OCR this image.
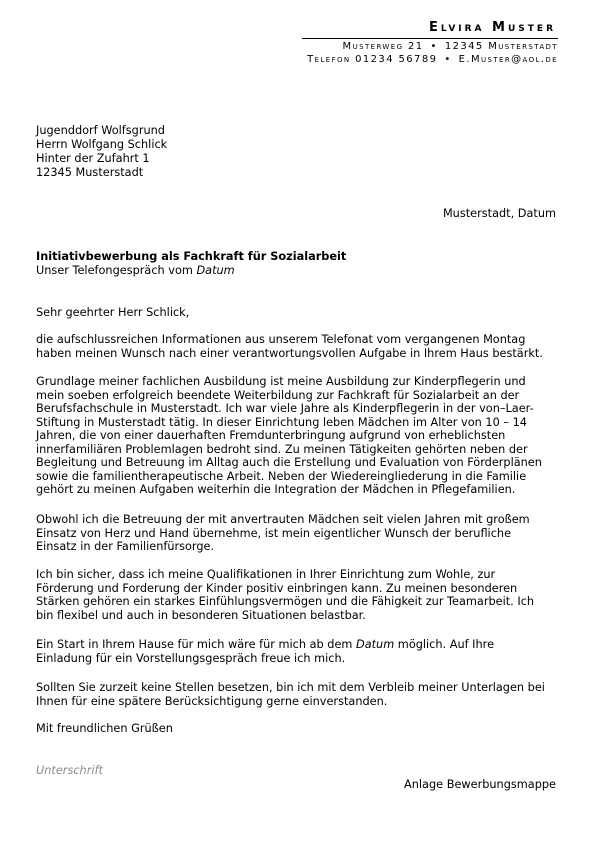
Elvira Muster
Musterweg 21 • 12345 Musterstadt
Telefon 01234 56789 • E.Muster@aol.de
Jugenddorf Wolfsgrund
Herrn Wolfgang Schlick
Hinter der Zufahrt 1
12345 Musterstadt
Musterstadt, Datum
Initiativbewerbung als Fachkraft für Sozialarbeit
Unser Telefongespräch vom Datum
Sehr geehrter Herr Schlick,
die aufschlussreichen Informationen aus unserem Telefonat vom vergangenen Montag
haben meinen Wunsch nach einer verantwortungsvollen Aufgabe in Ihrem Haus bestärkt.
Grundlage meiner fachlichen Ausbildung ist meine Ausbildung zur Kinderpflegerin und
mein soeben erfolgreich beendete Weiterbildung zur Fachkraft für Sozialarbeit an der
Berufsfachschule in Musterstadt. Ich war viele Jahre als Kinderpflegerin in der von–Laer-
Stiftung in Musterstadt tätig. In dieser Einrichtung leben Mädchen im Alter von 10 – 14
Jahren, die von einer dauerhaften Fremdunterbringung aufgrund von erheblichsten
innerfamiliären Problemlagen bedroht sind. Zu meinen Tätigkeiten gehörten neben der
Begleitung und Betreuung im Alltag auch die Erstellung und Evaluation von Förderplänen
sowie die familientherapeutische Arbeit. Neben der Wiedereingliederung in die Familie
gehört zu meinen Aufgaben weiterhin die Integration der Mädchen in Pflegefamilien.
Obwohl ich die Betreuung der mit anvertrauten Mädchen seit vielen Jahren mit großem
Einsatz von Herz und Hand übernehme, ist mein eigentlicher Wunsch der berufliche
Einsatz in der Familienfürsorge.
Ich bin sicher, dass ich meine Qualifikationen in Ihrer Einrichtung zum Wohle, zur
Förderung und Forderung der Kinder positiv einbringen kann. Zu meinen besonderen
Stärken gehören ein starkes Einfühlungsvermögen und die Fähigkeit zur Teamarbeit. Ich
bin flexibel und auch in besonderen Situationen belastbar.
Ein Start in Ihrem Hause für mich wäre für mich ab dem Datum möglich. Auf Ihre
Einladung für ein Vorstellungsgespräch freue ich mich.
Sollten Sie zurzeit keine Stellen besetzen, bin ich mit dem Verbleib meiner Unterlagen bei
Ihnen für eine spätere Berücksichtigung gerne einverstanden.
Mit freundlichen Grüßen
Unterschrift
Anlage Bewerbungsmappe
